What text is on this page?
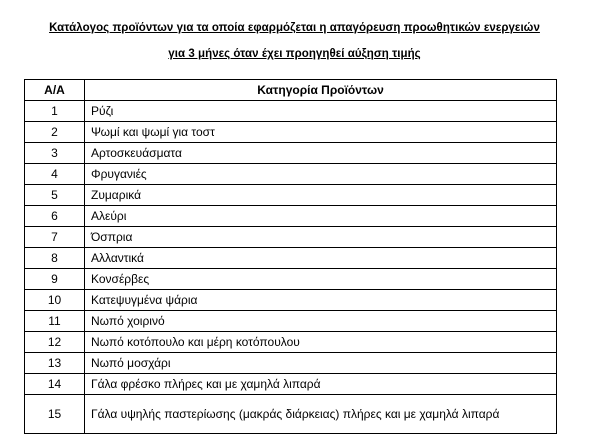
Κατάλογος προϊόντων για τα οποία εφαρμόζεται η απαγόρευση προωθητικών ενεργειών
για 3 μήνες όταν έχει προηγηθεί αύξηση τιμής
Α/Α	Κατηγορία Προϊόντων
1	Ρύζι
2	Ψωμί και ψωμί για τοστ
3	Αρτοσκευάσματα
4	Φρυγανιές
5	Ζυμαρικά
6	Αλεύρι
7	Όσπρια
8	Αλλαντικά
9	Κονσέρβες
10	Κατεψυγμένα ψάρια
11	Νωπό χοιρινό
12	Νωπό κοτόπουλο και μέρη κοτόπουλου
13	Νωπό μοσχάρι
14	Γάλα φρέσκο πλήρες και με χαμηλά λιπαρά
15	Γάλα υψηλής παστερίωσης (μακράς διάρκειας) πλήρες και με χαμηλά λιπαρά
